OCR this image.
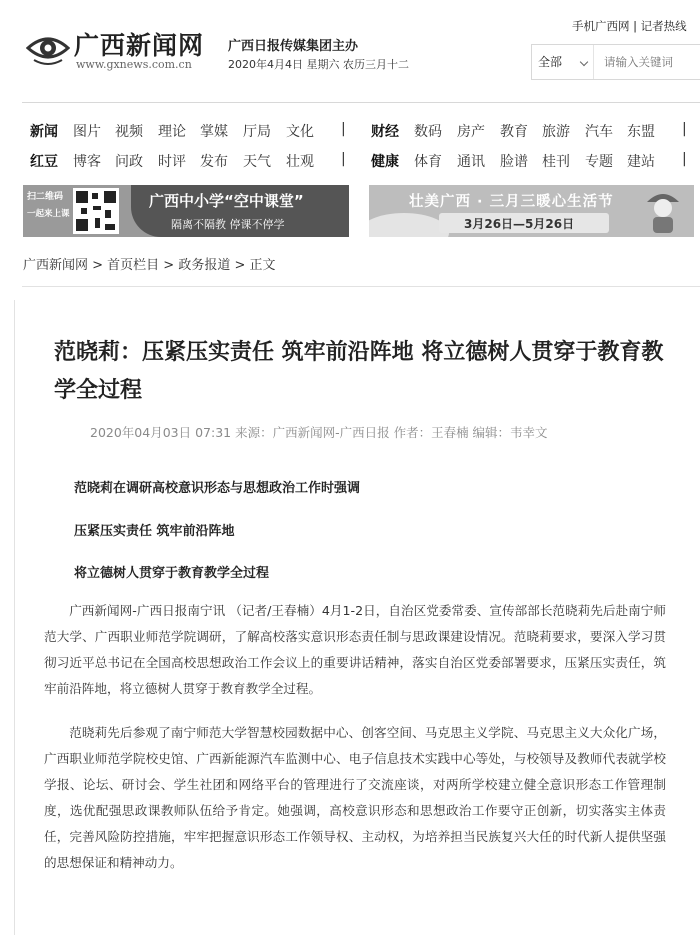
广西新闻网
www.gxnews.com.cn
广西日报传媒集团主办
2020年4月4日 星期六 农历三月十二
手机广西网 | 记者热线
全部
请输入关键词
新闻 图片 视频 理论 掌媒 厅局 文化 | 财经 数码 房产 教育 旅游 汽车 东盟 |
红豆 博客 问政 时评 发布 天气 壮观 | 健康 体育 通讯 脸谱 桂刊 专题 建站 |
扫二维码
一起来上课
广西中小学“空中课堂”
隔离不隔教 停课不停学
壮美广西 · 三月三暖心生活节
3月26日—5月26日
广西新闻网 > 首页栏目 > 政务报道 > 正文
范晓莉：压紧压实责任 筑牢前沿阵地 将立德树人贯穿于教育教学全过程
2020年04月03日 07:31 来源：广西新闻网-广西日报 作者：王春楠 编辑：韦幸文
范晓莉在调研高校意识形态与思想政治工作时强调
压紧压实责任 筑牢前沿阵地
将立德树人贯穿于教育教学全过程
广西新闻网-广西日报南宁讯 （记者/王春楠）4月1-2日，自治区党委常委、宣传部部长范晓莉先后赴南宁师范大学、广西职业师范学院调研，了解高校落实意识形态责任制与思政课建设情况。范晓莉要求，要深入学习贯彻习近平总书记在全国高校思想政治工作会议上的重要讲话精神，落实自治区党委部署要求，压紧压实责任，筑牢前沿阵地，将立德树人贯穿于教育教学全过程。
范晓莉先后参观了南宁师范大学智慧校园数据中心、创客空间、马克思主义学院、马克思主义大众化广场，广西职业师范学院校史馆、广西新能源汽车监测中心、电子信息技术实践中心等处，与校领导及教师代表就学校学报、论坛、研讨会、学生社团和网络平台的管理进行了交流座谈，对两所学校建立健全意识形态工作管理制度，选优配强思政课教师队伍给予肯定。她强调，高校意识形态和思想政治工作要守正创新，切实落实主体责任，完善风险防控措施，牢牢把握意识形态工作领导权、主动权，为培养担当民族复兴大任的时代新人提供坚强的思想保证和精神动力。
